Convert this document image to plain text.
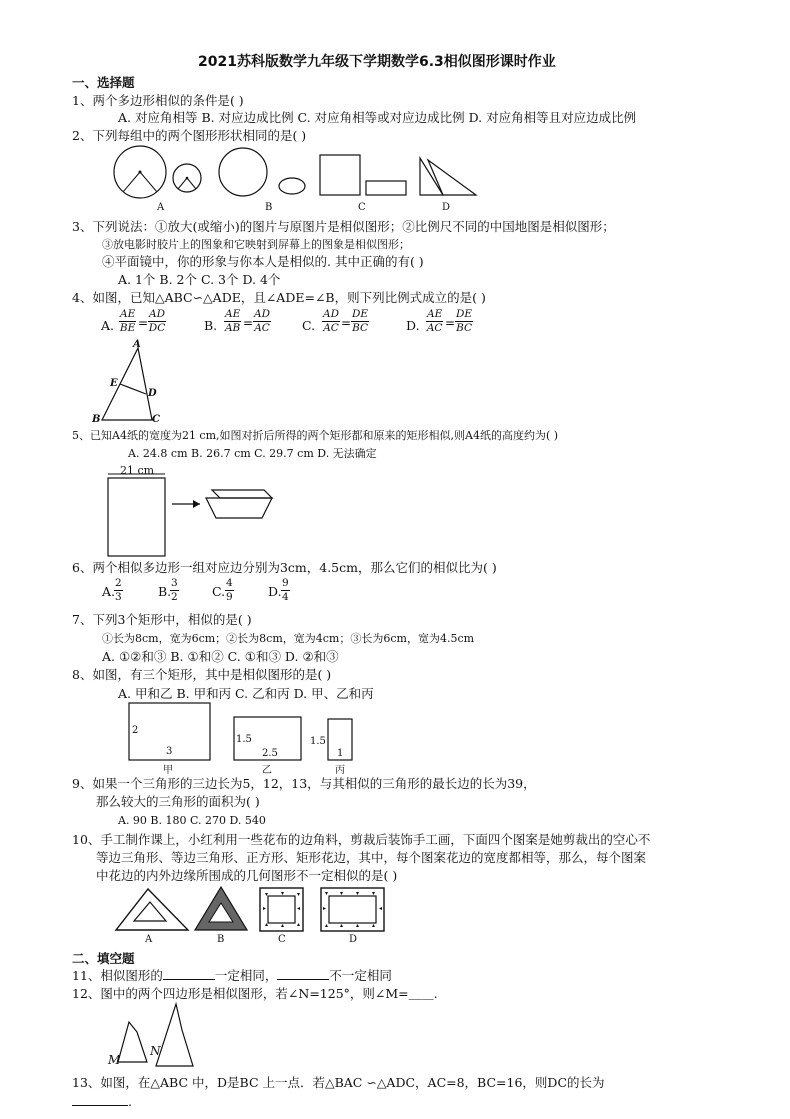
2021苏科版数学九年级下学期数学6.3相似图形课时作业
一、选择题
1、两个多边形相似的条件是( )
A. 对应角相等 B. 对应边成比例 C. 对应角相等或对应边成比例 D. 对应角相等且对应边成比例
2、下列每组中的两个图形形状相同的是( )
A	B	C	D
3、下列说法：①放大(或缩小)的图片与原图片是相似图形；②比例尺不同的中国地图是相似图形；
③放电影时胶片上的图象和它映射到屏幕上的图象是相似图形；
④平面镜中，你的形象与你本人是相似的. 其中正确的有( )
A. 1个 B. 2个 C. 3个 D. 4个
4、如图，已知△ABC∽△ADE，且∠ADE=∠B，则下列比例式成立的是( )
A. $\frac{AE}{BE} = \frac{AD}{DC}$	B. $\frac{AE}{AB} = \frac{AD}{AC} C$. $\frac{AD}{AC} = \frac{DE}{BC}$	D. $\frac{AE}{AC} = \frac{DE}{BC}$
A
E
D
B	C
5、已知A4纸的宽度为21 cm,如图对折后所得的两个矩形都和原来的矩形相似,则A4纸的高度约为( )
A. 24.8 cm B. 26.7 cm C. 29.7 cm D. 无法确定
21 cm
6、两个相似多边形一组对应边分别为3cm，4.5cm，那么它们的相似比为( )
A.
$\frac{2}{3}$	B.
$\frac{3}{2}$	C. $\frac{4}{9}$	D. $\frac{9}{4}$
7、下列3个矩形中，相似的是( )
①长为8cm，宽为6cm；②长为8cm，宽为4cm；③长为6cm，宽为4.5cm
A. ①②和③ B. ①和② C. ①和③ D. ②和③
8、如图，有三个矩形，其中是相似图形的是( )
A. 甲和乙 B. 甲和丙 C. 乙和丙 D. 甲、乙和丙
2
3
甲
1.5
2.5
乙
1.5
1
丙
9、如果一个三角形的三边长为5，12，13，与其相似的三角形的最长边的长为39，
那么较大的三角形的面积为( )
A. 90 B. 180 C. 270 D. 540
10、手工制作课上，小红利用一些花布的边角料，剪裁后装饰手工画，下面四个图案是她剪裁出的空心不
等边三角形、等边三角形、正方形、矩形花边，其中，每个图案花边的宽度都相等，那么，每个图案
中花边的内外边缘所围成的几何图形不一定相似的是( )
A	B	C	D
二、填空题
11、相似图形的	一定相同，	不一定相同
12、图中的两个四边形是相似图形，若∠N=125°，则∠M=＿＿.
M
N
13、如图，在△ABC 中，D是BC 上一点．若△BAC ∽△ADC，AC=8，BC=16，则DC的长为
.
